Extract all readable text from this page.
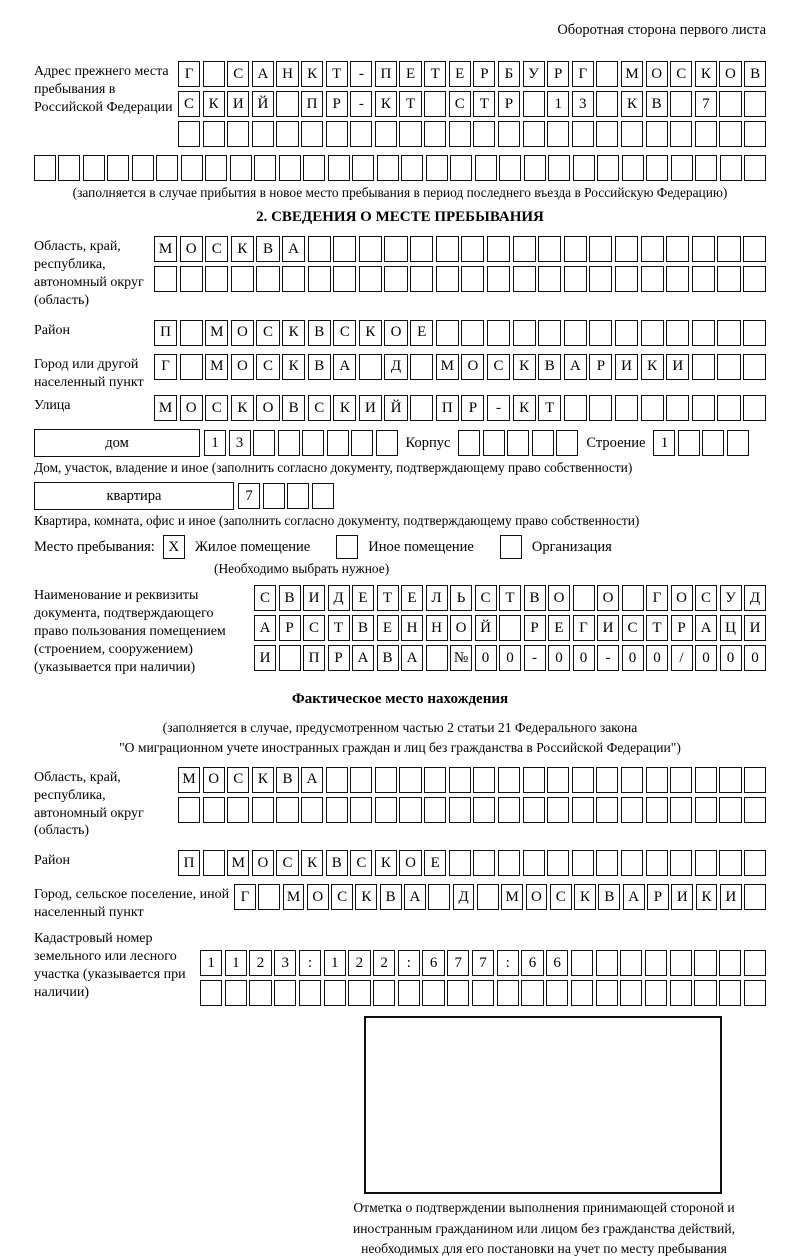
Оборотная сторона первого листа
Адрес прежнего места пребывания в Российской Федерации
Г	С А Н К	Т	-	П Е	Т	Е	Р	Б У	Р	Г	М О С К О В
С К И Й	П	Р	-	К	Т	С	Т	Р	1	3	К В	7
(заполняется в случае прибытия в новое место пребывания в период последнего въезда в Российскую Федерацию)
2. СВЕДЕНИЯ О МЕСТЕ ПРЕБЫВАНИЯ
Область, край, республика, автономный округ (область)
М О	С	К	В	А
Район	П	М О	С	К	В	С	К	О	Е
Город или другой населенный пункт
Г	М О	С	К	В	А	Д	М О	С	К	В	А	Р	И	К	И
Улица	М О	С	К	О	В	С	К	И Й	П	Р	-	К	Т
дом	1	3	Корпус	Строение	1
Дом, участок, владение и иное (заполнить согласно документу, подтверждающему право собственности)
квартира	7
Квартира, комната, офис и иное (заполнить согласно документу, подтверждающему право собственности)
Место пребывания: X	Жилое помещение	Иное помещение	Организация
(Необходимо выбрать нужное)
Наименование и реквизиты документа, подтверждающего право пользования помещением (строением, сооружением) (указывается при наличии)
С В И Д Е	Т	Е Л	Ь	С Т В О	О	Г О С У Д
А Р	С Т В Е Н Н О Й	Р	Е	Г И С Т	Р А Ц И
И	П Р А В А	№ 0	0	-	0	0	-	0	0	/	0	0	0
Фактическое место нахождения
(заполняется в случае, предусмотренном частью 2 статьи 21 Федерального закона
"О миграционном учете иностранных граждан и лиц без гражданства в Российской Федерации")
Область, край, республика, автономный округ (область)
М О С К В А
Район	П	М О С К В С К О Е
Город, сельское поселение, иной населенный пункт
Г	М О С К В А	Д	М О С К В А Р И К И
Кадастровый номер земельного или лесного участка (указывается при наличии)
1	1	2	3	:	1	2	2	:	6	7	7	:	6	6
Отметка о подтверждении выполнения принимающей стороной и иностранным гражданином или лицом без гражданства действий, необходимых для его постановки на учет по месту пребывания
